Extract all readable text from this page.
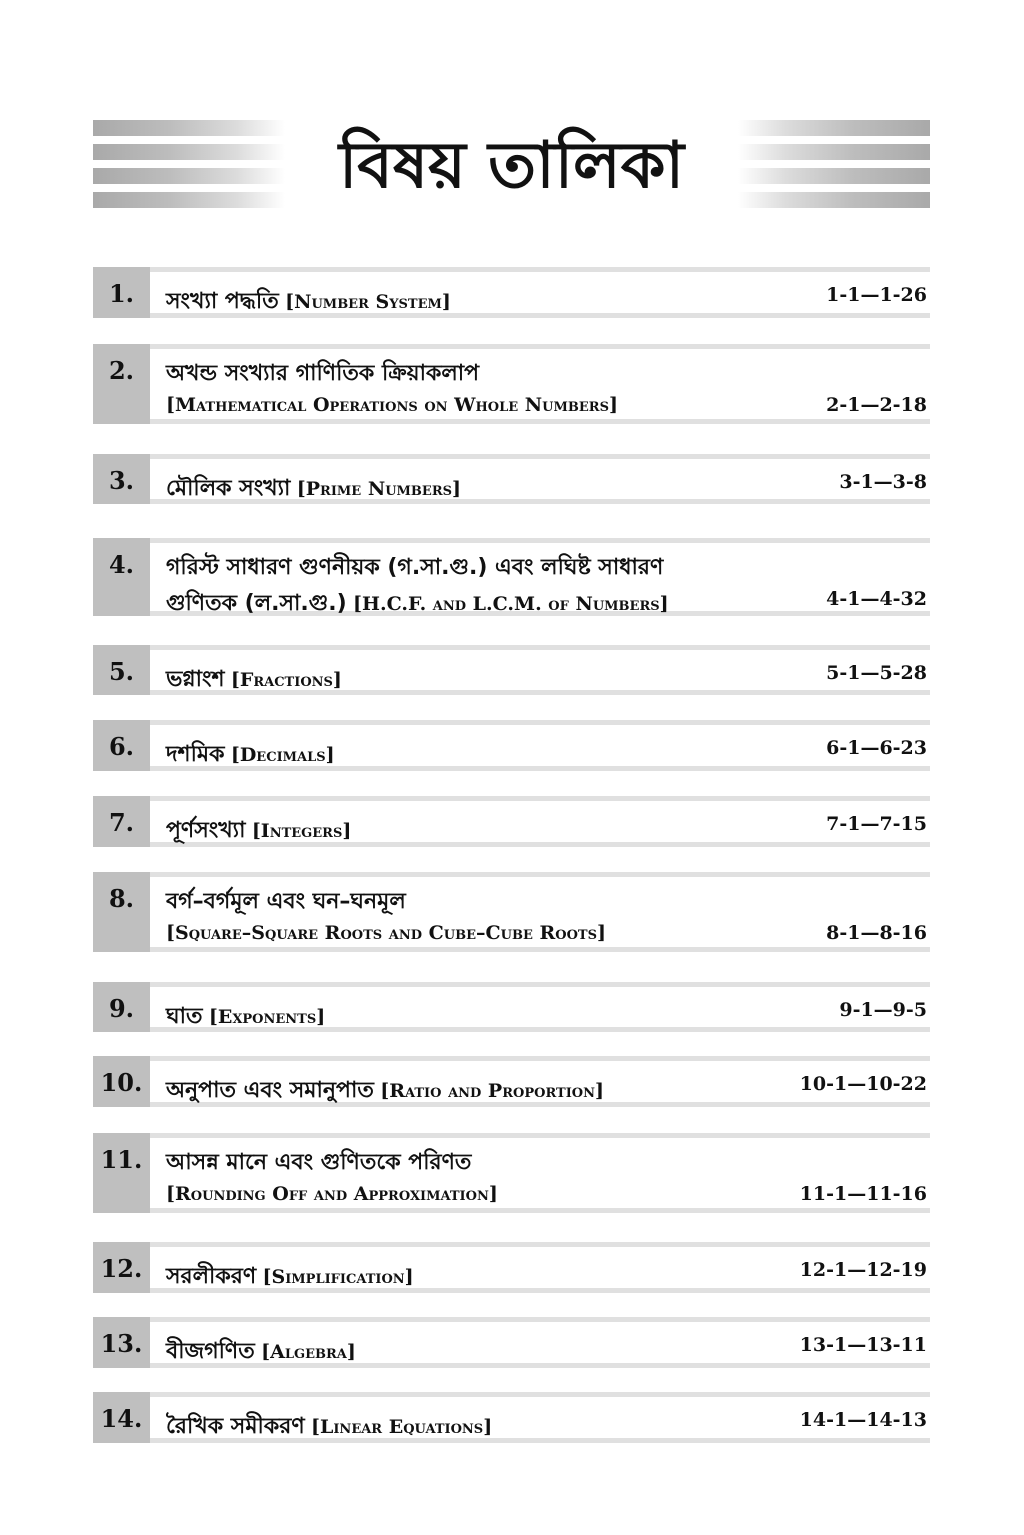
বিষয় তালিকা
1.	সংখ্যা পদ্ধতি [Number System]	1-1—1-26
2.	অখন্ড সংখ্যার গাণিতিক ক্রিয়াকলাপ
[Mathematical Operations on Whole Numbers]	2-1—2-18
3.	মৌলিক সংখ্যা [Prime Numbers]	3-1—3-8
4.	গরিস্ট সাধারণ গুণনীয়ক (গ.সা.গু.) এবং লঘিষ্ট সাধারণ
গুণিতক (ল.সা.গু.) [H.C.F. and L.C.M. of Numbers]	4-1—4-32
5.	ভগ্নাংশ [Fractions]	5-1—5-28
6.	দশমিক [Decimals]	6-1—6-23
7.	পূর্ণসংখ্যা [Integers]	7-1—7-15
8.	বর্গ–বর্গমূল এবং ঘন–ঘনমূল
[Square–Square Roots and Cube–Cube Roots]	8-1—8-16
9.	ঘাত [Exponents]	9-1—9-5
10.	অনুপাত এবং সমানুপাত [Ratio and Proportion]	10-1—10-22
11.	আসন্ন মানে এবং গুণিতকে পরিণত
[Rounding Off and Approximation]	11-1—11-16
12.	সরলীকরণ [Simplification]	12-1—12-19
13.	বীজগণিত [Algebra]	13-1—13-11
14.	রৈখিক সমীকরণ [Linear Equations]	14-1—14-13
